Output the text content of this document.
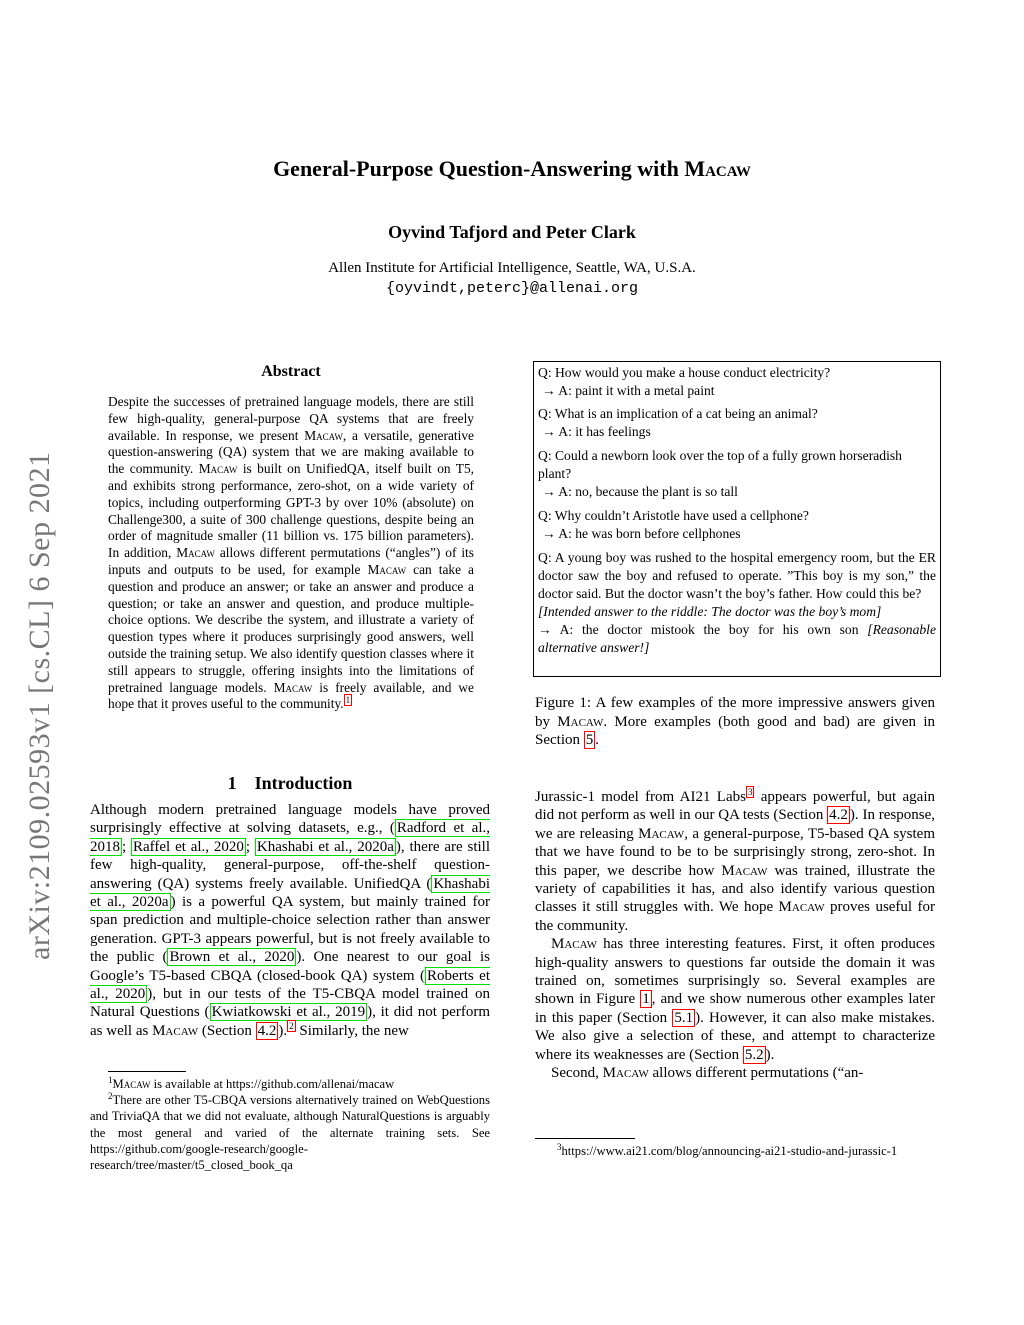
arXiv:2109.02593v1 [cs.CL] 6 Sep 2021
General-Purpose Question-Answering with Macaw
Oyvind Tafjord and Peter Clark
Allen Institute for Artificial Intelligence, Seattle, WA, U.S.A.
{oyvindt,peterc}@allenai.org
Abstract
Despite the successes of pretrained language models, there are still few high-quality, general-purpose QA systems that are freely available. In response, we present Macaw, a versatile, generative question-answering (QA) system that we are making available to the community. Macaw is built on UnifiedQA, itself built on T5, and exhibits strong performance, zero-shot, on a wide variety of topics, including outperforming GPT-3 by over 10% (absolute) on Challenge300, a suite of 300 challenge questions, despite being an order of magnitude smaller (11 billion vs. 175 billion parameters). In addition, Macaw allows different permutations (“angles”) of its inputs and outputs to be used, for example Macaw can take a question and produce an answer; or take an answer and produce a question; or take an answer and question, and produce multiple-choice options. We describe the system, and illustrate a variety of question types where it produces surprisingly good answers, well outside the training setup. We also identify question classes where it still appears to struggle, offering insights into the limitations of pretrained language models. Macaw is freely available, and we hope that it proves useful to the community. $^1$
1 Introduction
Although modern pretrained language models have proved surprisingly effective at solving datasets, e.g., ( Radford et al., 2018 ; Raffel et al., 2020 ; Khashabi et al., 2020a ), there are still few high-quality, general-purpose, off-the-shelf question-answering (QA) systems freely available. UnifiedQA ( Khashabi et al., 2020a ) is a powerful QA system, but mainly trained for span prediction and multiple-choice selection rather than answer generation. GPT-3 appears powerful, but is not freely available to the public ( Brown et al., 2020 ). One nearest to our goal is Google’s T5-based CBQA (closed-book QA) system ( Roberts et al., 2020 ), but in our tests of the T5-CBQA model trained on Natural Questions ( Kwiatkowski et al., 2019 ), it did not perform as well as Macaw (Section 4.2 ). $^2$ Similarly, the new

$^1$Macaw is available at https://github.com/allenai/macaw

$^2$There are other T5-CBQA versions alternatively trained on WebQuestions and TriviaQA that we did not evaluate, although NaturalQuestions is arguably the most general and varied of the alternate training sets. See https://github.com/google-research/google-research/tree/master/t5_closed_book_qa

Q: How would you make a house conduct electricity?
→ A: paint it with a metal paint
Q: What is an implication of a cat being an animal?
→ A: it has feelings
Q: Could a newborn look over the top of a fully grown horseradish plant?
→ A: no, because the plant is so tall
Q: Why couldn’t Aristotle have used a cellphone?
→ A: he was born before cellphones
Q: A young boy was rushed to the hospital emergency room, but the ER doctor saw the boy and refused to operate. ”This boy is my son,” the doctor said. But the doctor wasn’t the boy’s father. How could this be?
[Intended answer to the riddle: The doctor was the boy’s mom]
→ A: the doctor mistook the boy for his own son [Reasonable alternative answer!]
Figure 1: A few examples of the more impressive answers given by Macaw. More examples (both good and bad) are given in Section 5 .

Jurassic-1 model from AI21 Labs $^3$ appears powerful, but again did not perform as well in our QA tests (Section 4.2 ). In response, we are releasing Macaw, a general-purpose, T5-based QA system that we have found to be to be surprisingly strong, zero-shot. In this paper, we describe how Macaw was trained, illustrate the variety of capabilities it has, and also identify various question classes it still struggles with. We hope Macaw proves useful for the community.

Macaw has three interesting features. First, it often produces high-quality answers to questions far outside the domain it was trained on, sometimes surprisingly so. Several examples are shown in Figure 1 , and we show numerous other examples later in this paper (Section 5.1 ). However, it can also make mistakes. We also give a selection of these, and attempt to characterize where its weaknesses are (Section 5.2 ).

Second, Macaw allows different permutations (“an-

$^3$https://www.ai21.com/blog/announcing-ai21-studio-and-jurassic-1
